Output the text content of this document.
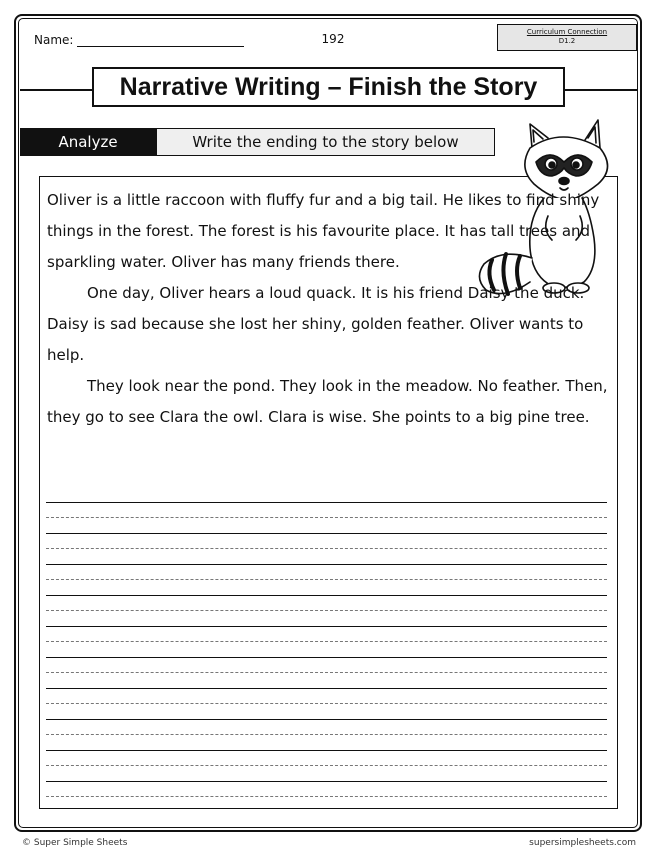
Name:	192	Curriculum Connection
D1.2
Narrative Writing – Finish the Story
Analyze	Write the ending to the story below

Oliver is a little raccoon with fluffy fur and a big tail. He likes to find shiny things in the forest. The forest is his favourite place. It has tall trees and sparkling water. Oliver has many friends there.

One day, Oliver hears a loud quack. It is his friend Daisy the duck. Daisy is sad because she lost her shiny, golden feather. Oliver wants to help.

They look near the pond. They look in the meadow. No feather. Then, they go to see Clara the owl. Clara is wise. She points to a big pine tree.

© Super Simple Sheets	supersimplesheets.com
